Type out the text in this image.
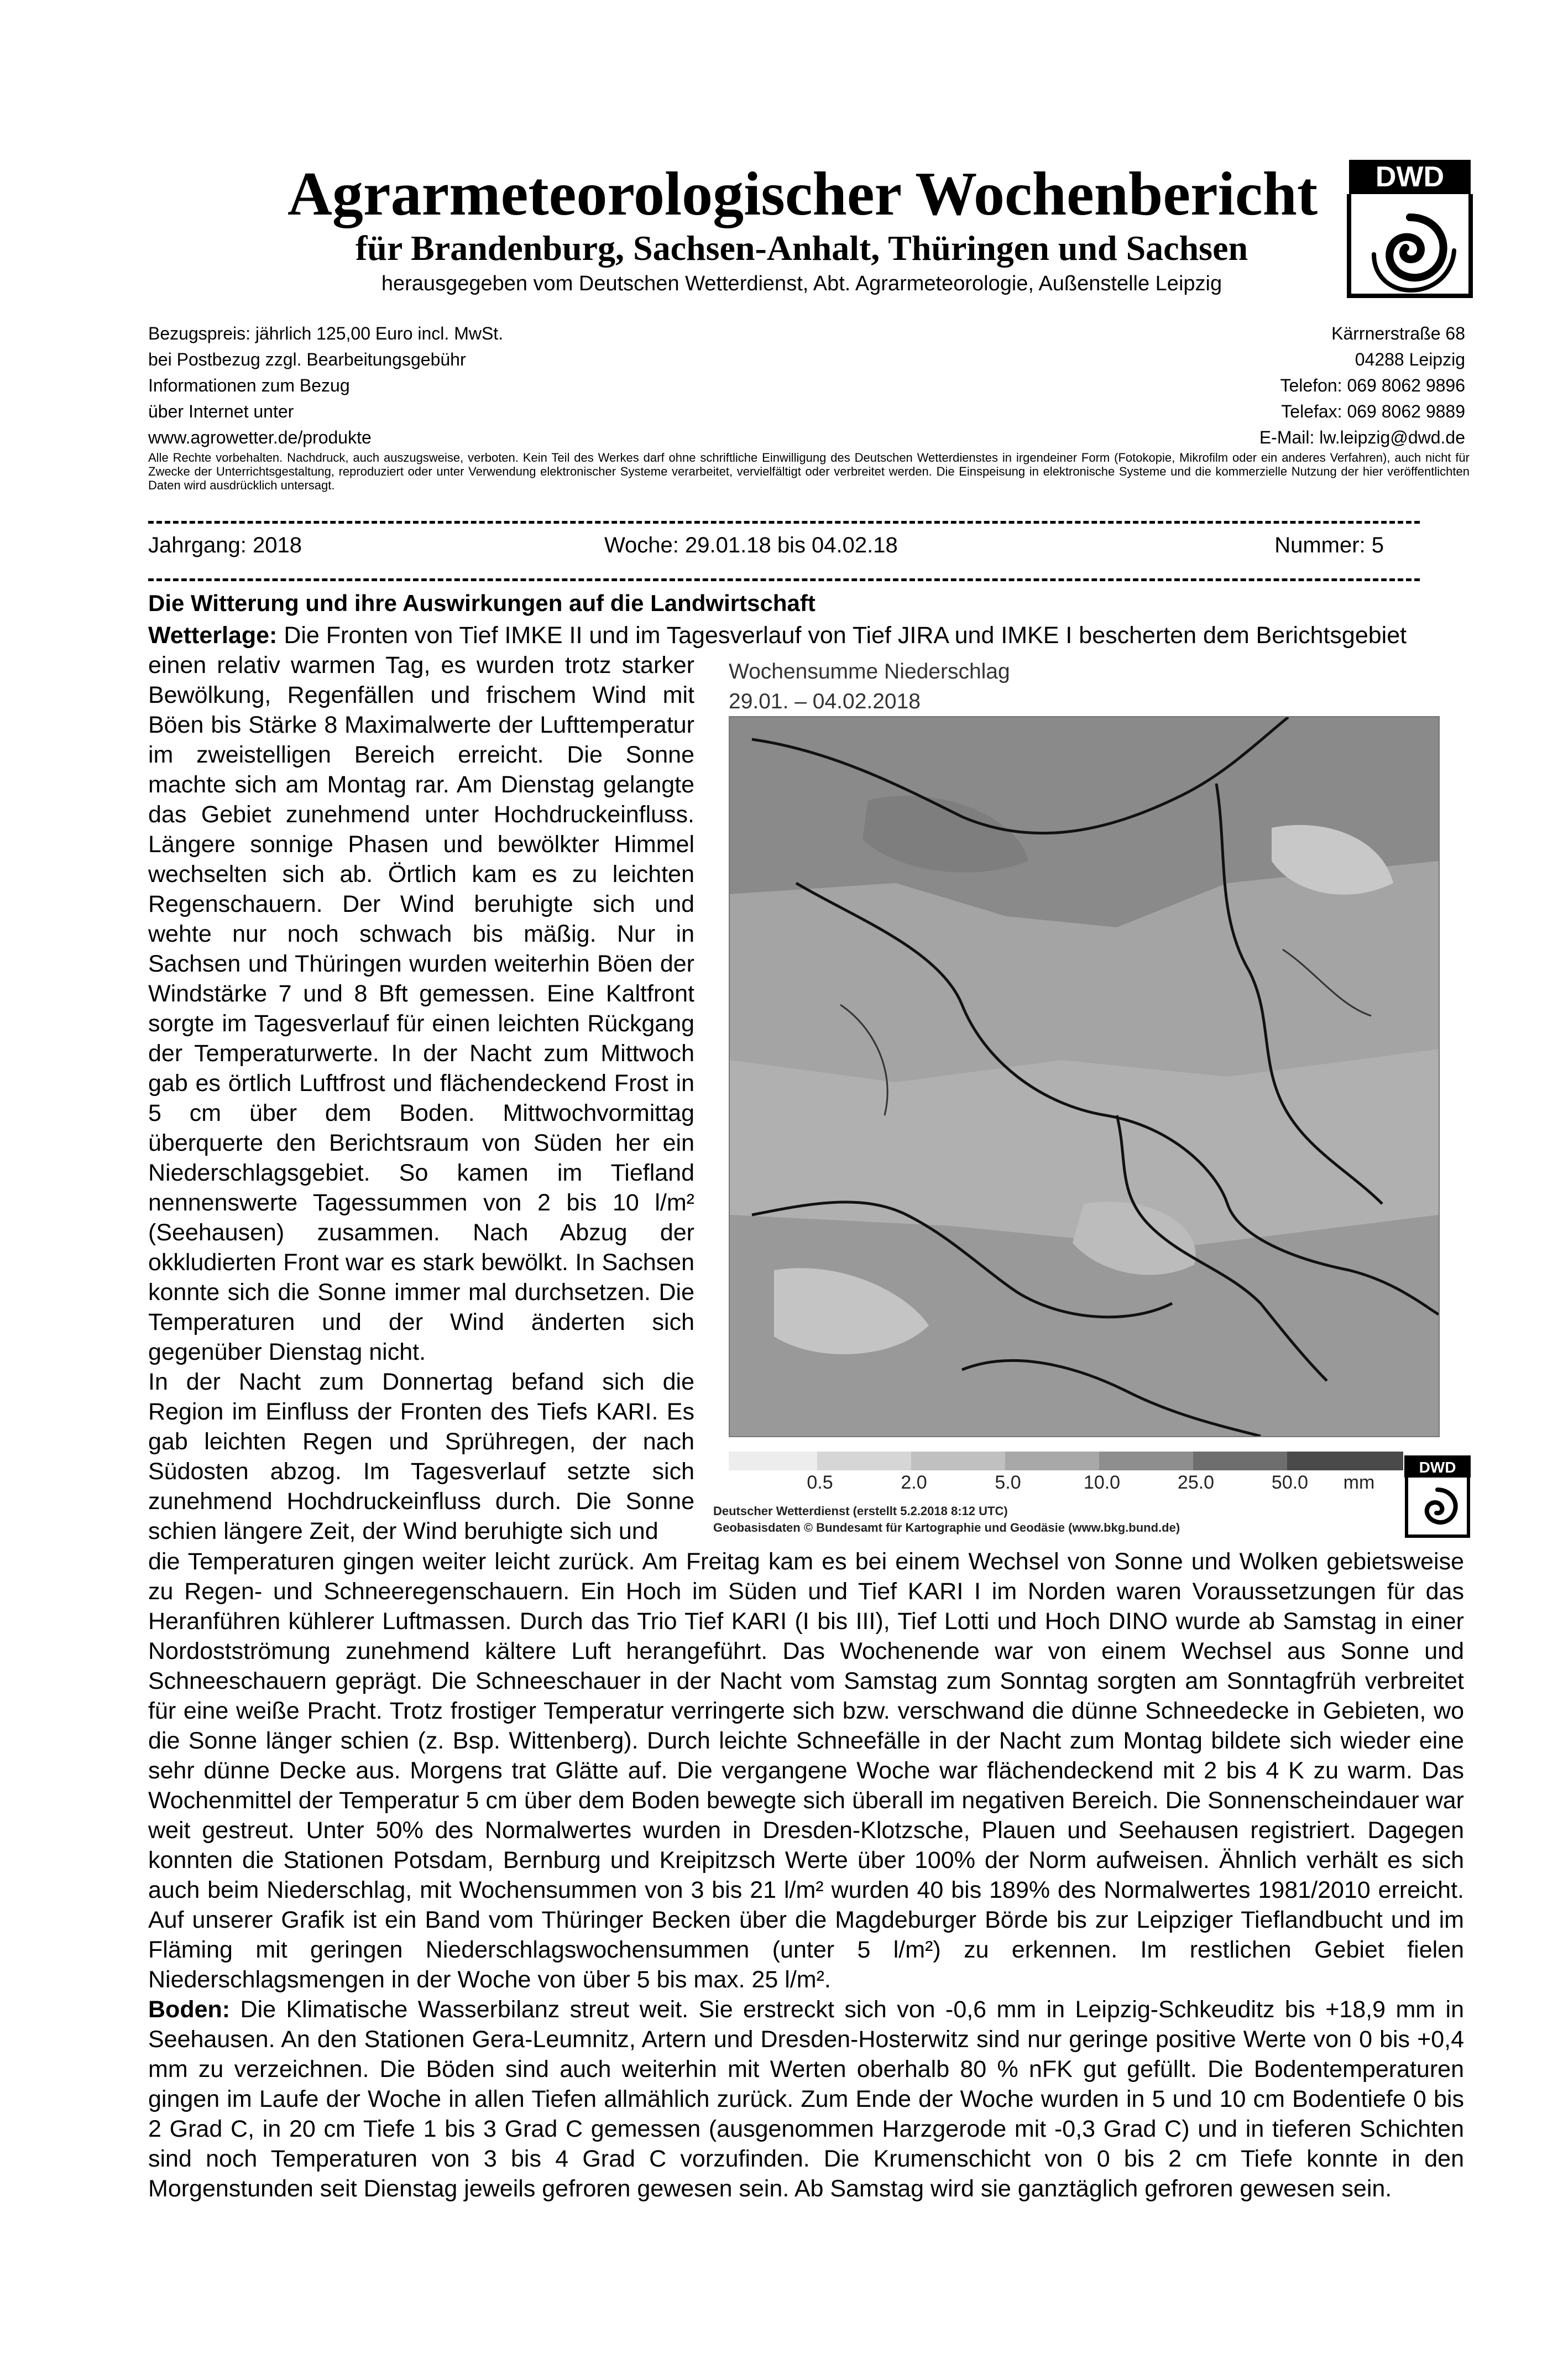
Agrarmeteorologischer Wochenbericht
für Brandenburg, Sachsen-Anhalt, Thüringen und Sachsen
herausgegeben vom Deutschen Wetterdienst, Abt. Agrarmeteorologie, Außenstelle Leipzig
DWD
Bezugspreis: jährlich 125,00 Euro incl. MwSt.
bei Postbezug zzgl. Bearbeitungsgebühr
Informationen zum Bezug
über Internet unter
www.agrowetter.de/produkte
Kärrnerstraße 68
04288 Leipzig
Telefon: 069 8062 9896
Telefax: 069 8062 9889
E-Mail: lw.leipzig@dwd.de
Alle Rechte vorbehalten. Nachdruck, auch auszugsweise, verboten. Kein Teil des Werkes darf ohne schriftliche Einwilligung des Deutschen Wetterdienstes in irgendeiner Form (Fotokopie, Mikrofilm oder ein anderes Verfahren), auch nicht für Zwecke der Unterrichtsgestaltung, reproduziert oder unter Verwendung elektronischer Systeme verarbeitet, vervielfältigt oder verbreitet werden. Die Einspeisung in elektronische Systeme und die kommerzielle Nutzung der hier veröffentlichten Daten wird ausdrücklich untersagt.
Jahrgang: 2018	Woche: 29.01.18 bis 04.02.18	Nummer: 5
Die Witterung und ihre Auswirkungen auf die Landwirtschaft
Wetterlage: Die Fronten von Tief IMKE II und im Tagesverlauf von Tief JIRA und IMKE I bescherten dem Berichtsgebiet

einen relativ warmen Tag, es wurden trotz starker Bewölkung, Regenfällen und frischem Wind mit Böen bis Stärke 8 Maximalwerte der Lufttemperatur im zweistelligen Bereich erreicht. Die Sonne machte sich am Montag rar. Am Dienstag gelangte das Gebiet zunehmend unter Hochdruckeinfluss. Längere sonnige Phasen und bewölkter Himmel wechselten sich ab. Örtlich kam es zu leichten Regenschauern. Der Wind beruhigte sich und wehte nur noch schwach bis mäßig. Nur in Sachsen und Thüringen wurden weiterhin Böen der Windstärke 7 und 8 Bft gemessen. Eine Kaltfront sorgte im Tagesverlauf für einen leichten Rückgang der Temperaturwerte. In der Nacht zum Mittwoch gab es örtlich Luftfrost und flächendeckend Frost in 5 cm über dem Boden. Mittwochvormittag überquerte den Berichtsraum von Süden her ein Niederschlagsgebiet. So kamen im Tiefland nennenswerte Tagessummen von 2 bis 10 l/m² (Seehausen) zusammen. Nach Abzug der okkludierten Front war es stark bewölkt. In Sachsen konnte sich die Sonne immer mal durchsetzen. Die Temperaturen und der Wind änderten sich gegenüber Dienstag nicht.

In der Nacht zum Donnertag befand sich die Region im Einfluss der Fronten des Tiefs KARI. Es gab leichten Regen und Sprühregen, der nach Südosten abzog. Im Tagesverlauf setzte sich zunehmend Hochdruckeinfluss durch. Die Sonne schien längere Zeit, der Wind beruhigte sich und

Wochensumme Niederschlag
29.01. – 04.02.2018
0.5	2.0	5.0	10.0	25.0	50.0 mm
Deutscher Wetterdienst (erstellt 5.2.2018 8:12 UTC)
Geobasisdaten © Bundesamt für Kartographie und Geodäsie (www.bkg.bund.de)
DWD
die Temperaturen gingen weiter leicht zurück. Am Freitag kam es bei einem Wechsel von Sonne und Wolken gebietsweise zu Regen- und Schneeregenschauern. Ein Hoch im Süden und Tief KARI I im Norden waren Voraussetzungen für das Heranführen kühlerer Luftmassen. Durch das Trio Tief KARI (I bis III), Tief Lotti und Hoch DINO wurde ab Samstag in einer Nordostströmung zunehmend kältere Luft herangeführt. Das Wochenende war von einem Wechsel aus Sonne und Schneeschauern geprägt. Die Schneeschauer in der Nacht vom Samstag zum Sonntag sorgten am Sonntagfrüh verbreitet für eine weiße Pracht. Trotz frostiger Temperatur verringerte sich bzw. verschwand die dünne Schneedecke in Gebieten, wo die Sonne länger schien (z. Bsp. Wittenberg). Durch leichte Schneefälle in der Nacht zum Montag bildete sich wieder eine sehr dünne Decke aus. Morgens trat Glätte auf. Die vergangene Woche war flächendeckend mit 2 bis 4 K zu warm. Das Wochenmittel der Temperatur 5 cm über dem Boden bewegte sich überall im negativen Bereich. Die Sonnenscheindauer war weit gestreut. Unter 50% des Normalwertes wurden in Dresden-Klotzsche, Plauen und Seehausen registriert. Dagegen konnten die Stationen Potsdam, Bernburg und Kreipitzsch Werte über 100% der Norm aufweisen. Ähnlich verhält es sich auch beim Niederschlag, mit Wochensummen von 3 bis 21 l/m² wurden 40 bis 189% des Normalwertes 1981/2010 erreicht. Auf unserer Grafik ist ein Band vom Thüringer Becken über die Magdeburger Börde bis zur Leipziger Tieflandbucht und im Fläming mit geringen Niederschlagswochensummen (unter 5 l/m²) zu erkennen. Im restlichen Gebiet fielen Niederschlagsmengen in der Woche von über 5 bis max. 25 l/m².
Boden: Die Klimatische Wasserbilanz streut weit. Sie erstreckt sich von -0,6 mm in Leipzig-Schkeuditz bis +18,9 mm in Seehausen. An den Stationen Gera-Leumnitz, Artern und Dresden-Hosterwitz sind nur geringe positive Werte von 0 bis +0,4 mm zu verzeichnen. Die Böden sind auch weiterhin mit Werten oberhalb 80 % nFK gut gefüllt. Die Bodentemperaturen gingen im Laufe der Woche in allen Tiefen allmählich zurück. Zum Ende der Woche wurden in 5 und 10 cm Bodentiefe 0 bis 2 Grad C, in 20 cm Tiefe 1 bis 3 Grad C gemessen (ausgenommen Harzgerode mit -0,3 Grad C) und in tieferen Schichten sind noch Temperaturen von 3 bis 4 Grad C vorzufinden. Die Krumenschicht von 0 bis 2 cm Tiefe konnte in den Morgenstunden seit Dienstag jeweils gefroren gewesen sein. Ab Samstag wird sie ganztäglich gefroren gewesen sein.
